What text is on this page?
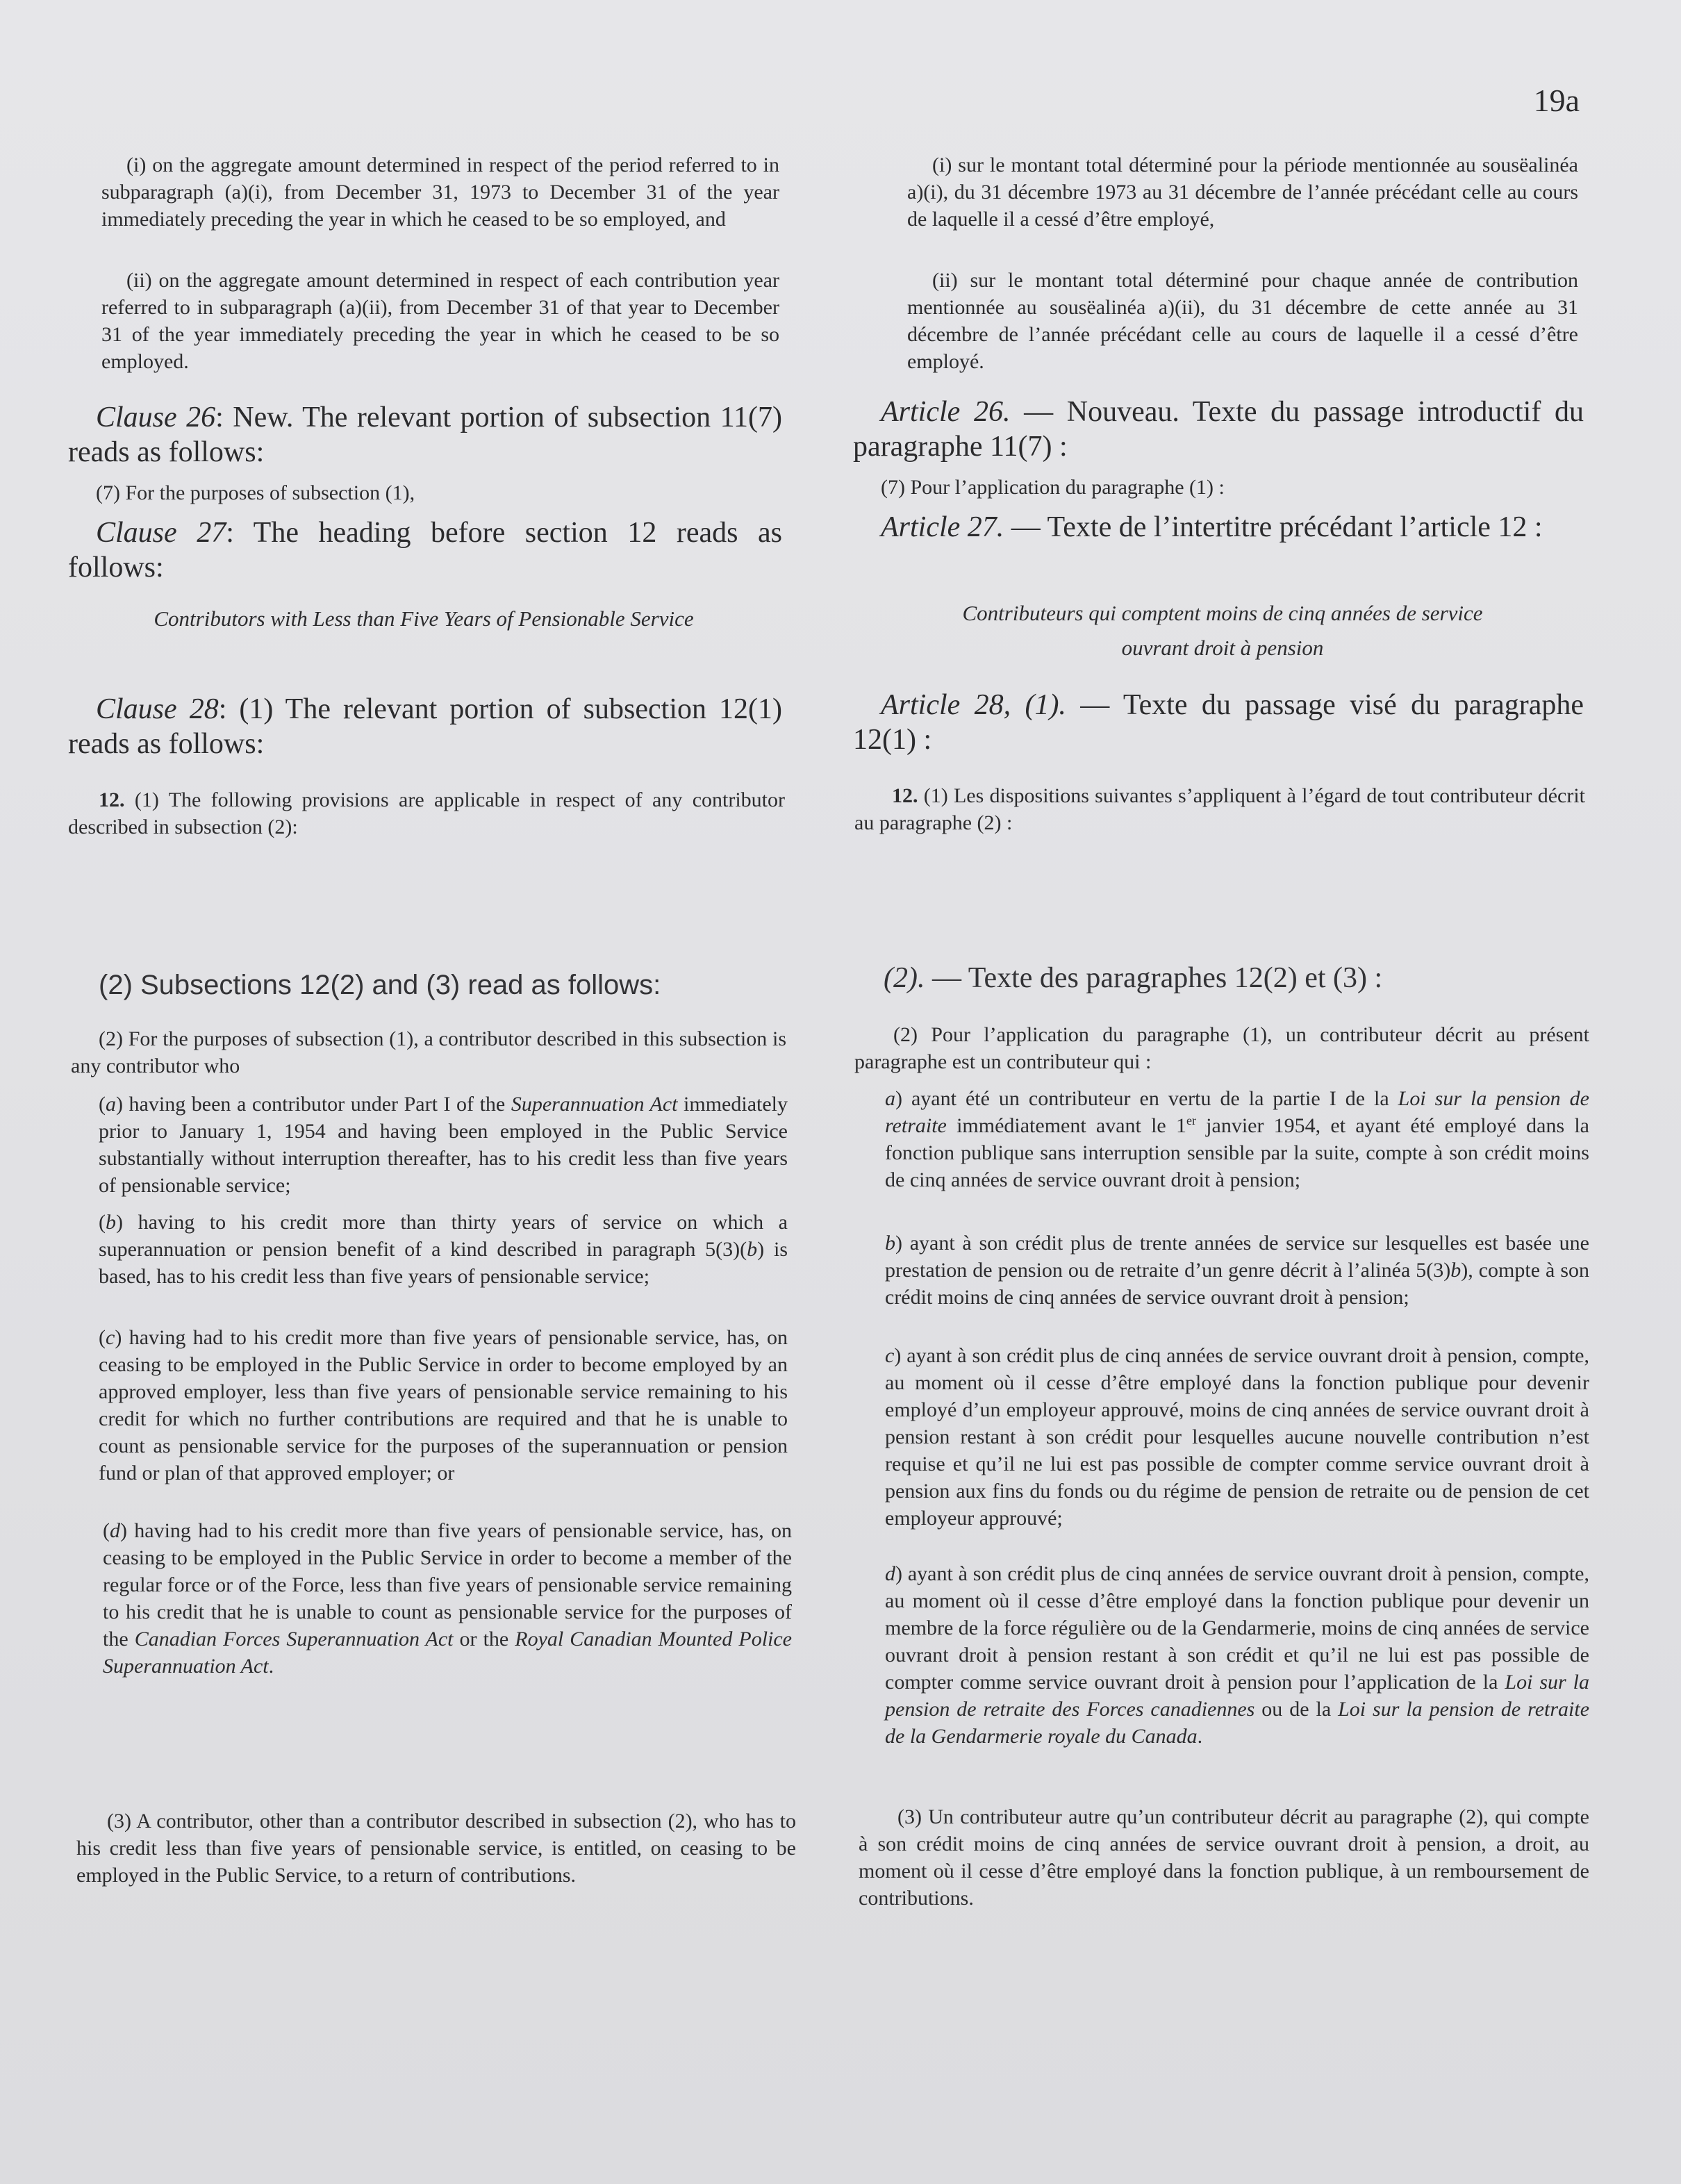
19a

(i) on the aggregate amount determined in respect of the period referred to in subparagraph (a)(i), from December 31, 1973 to December 31 of the year immediately preceding the year in which he ceased to be so employed, and

(ii) on the aggregate amount determined in respect of each contribution year referred to in subparagraph (a)(ii), from December 31 of that year to December 31 of the year immediately preceding the year in which he ceased to be so employed.

Clause 26: New. The relevant portion of subsection 11(7) reads as follows:

(7) For the purposes of subsection (1),

Clause 27: The heading before section 12 reads as follows:

Contributors with Less than Five Years of Pensionable Service

Clause 28: (1) The relevant portion of subsection 12(1) reads as follows:

12. (1) The following provisions are applicable in respect of any contributor described in subsection (2):

(2) Subsections 12(2) and (3) read as follows:

(2) For the purposes of subsection (1), a contributor described in this subsection is any contributor who

(a) having been a contributor under Part I of the Superannuation Act immediately prior to January 1, 1954 and having been employed in the Public Service substantially without interruption thereafter, has to his credit less than five years of pensionable service;

(b) having to his credit more than thirty years of service on which a superannuation or pension benefit of a kind described in paragraph 5(3)(b) is based, has to his credit less than five years of pensionable service;

(c) having had to his credit more than five years of pensionable service, has, on ceasing to be employed in the Public Service in order to become employed by an approved employer, less than five years of pensionable service remaining to his credit for which no further contributions are required and that he is unable to count as pensionable service for the purposes of the superannuation or pension fund or plan of that approved employer; or

(d) having had to his credit more than five years of pensionable service, has, on ceasing to be employed in the Public Service in order to become a member of the regular force or of the Force, less than five years of pensionable service remaining to his credit that he is unable to count as pensionable service for the purposes of the Canadian Forces Superannuation Act or the Royal Canadian Mounted Police Superannuation Act.

(3) A contributor, other than a contributor described in subsection (2), who has to his credit less than five years of pensionable service, is entitled, on ceasing to be employed in the Public Service, to a return of contributions.

(i) sur le montant total déterminé pour la période mentionnée au sousëalinéa a)(i), du 31 décembre 1973 au 31 décembre de l’année précédant celle au cours de laquelle il a cessé d’être employé,

(ii) sur le montant total déterminé pour chaque année de contribution mentionnée au sousëalinéa a)(ii), du 31 décembre de cette année au 31 décembre de l’année précédant celle au cours de laquelle il a cessé d’être employé.

Article 26. — Nouveau. Texte du passage introductif du paragraphe 11(7) :

(7) Pour l’application du paragraphe (1) :

Article 27. — Texte de l’intertitre précédant l’article 12 :

Contributeurs qui comptent moins de cinq années de service ouvrant droit à pension

Article 28, (1). — Texte du passage visé du paragraphe 12(1) :

12. (1) Les dispositions suivantes s’appliquent à l’égard de tout contributeur décrit au paragraphe (2) :

(2). — Texte des paragraphes 12(2) et (3) :

(2) Pour l’application du paragraphe (1), un contributeur décrit au présent paragraphe est un contributeur qui :

a) ayant été un contributeur en vertu de la partie I de la Loi sur la pension de retraite immédiatement avant le 1er janvier 1954, et ayant été employé dans la fonction publique sans interruption sensible par la suite, compte à son crédit moins de cinq années de service ouvrant droit à pension;

b) ayant à son crédit plus de trente années de service sur lesquelles est basée une prestation de pension ou de retraite d’un genre décrit à l’alinéa 5(3)b), compte à son crédit moins de cinq années de service ouvrant droit à pension;

c) ayant à son crédit plus de cinq années de service ouvrant droit à pension, compte, au moment où il cesse d’être employé dans la fonction publique pour devenir employé d’un employeur approuvé, moins de cinq années de service ouvrant droit à pension restant à son crédit pour lesquelles aucune nouvelle contribution n’est requise et qu’il ne lui est pas possible de compter comme service ouvrant droit à pension aux fins du fonds ou du régime de pension de retraite ou de pension de cet employeur approuvé;

d) ayant à son crédit plus de cinq années de service ouvrant droit à pension, compte, au moment où il cesse d’être employé dans la fonction publique pour devenir un membre de la force régulière ou de la Gendarmerie, moins de cinq années de service ouvrant droit à pension restant à son crédit et qu’il ne lui est pas possible de compter comme service ouvrant droit à pension pour l’application de la Loi sur la pension de retraite des Forces canadiennes ou de la Loi sur la pension de retraite de la Gendarmerie royale du Canada.

(3) Un contributeur autre qu’un contributeur décrit au paragraphe (2), qui compte à son crédit moins de cinq années de service ouvrant droit à pension, a droit, au moment où il cesse d’être employé dans la fonction publique, à un remboursement de contributions.
